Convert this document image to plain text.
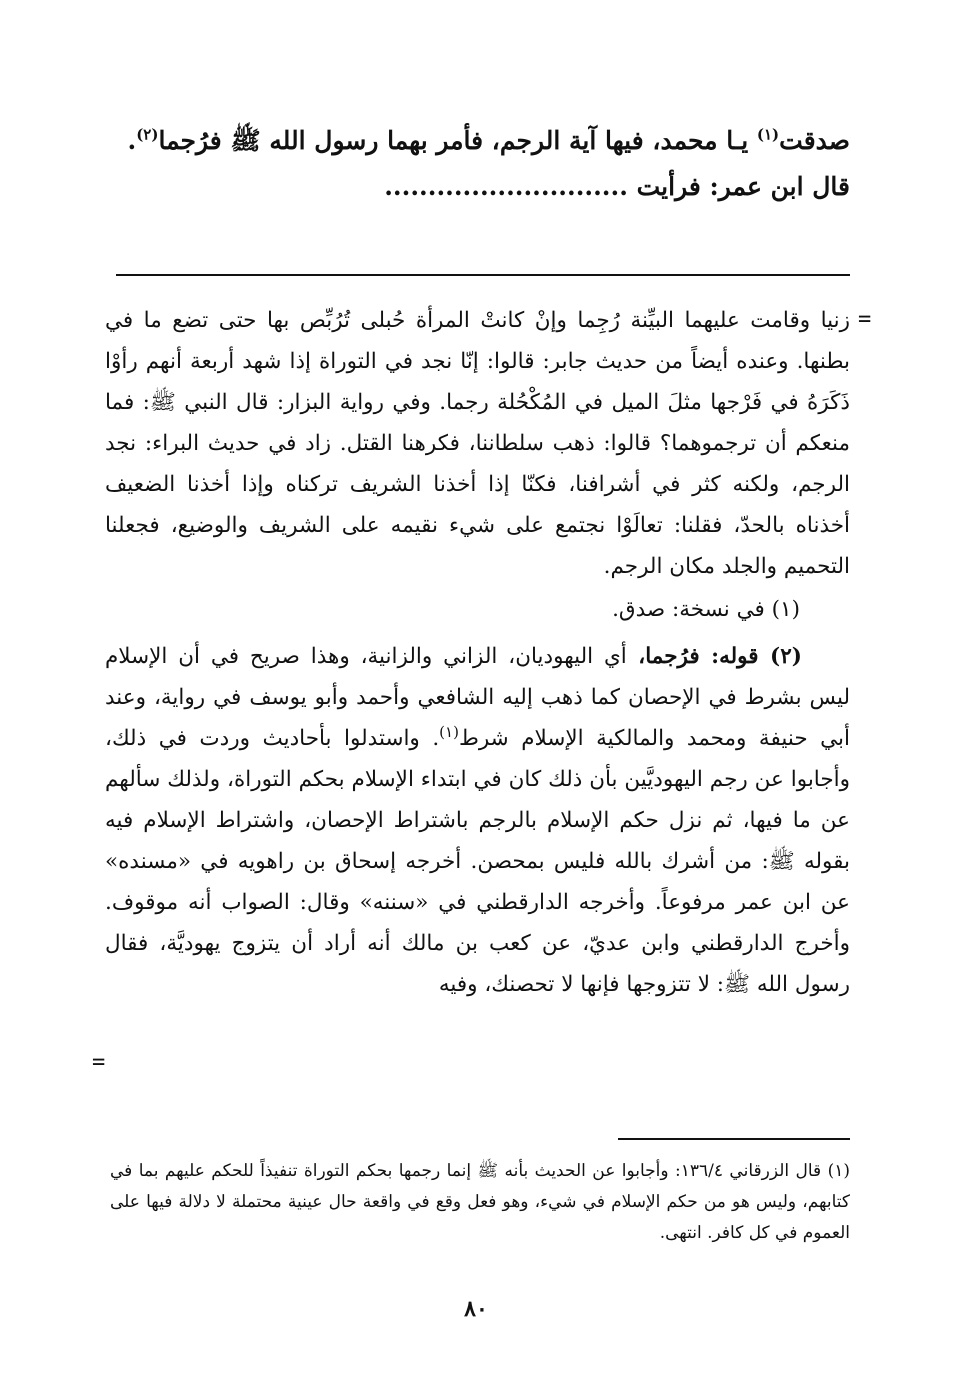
صدقت$^{(١)}$ يـا محمد، فيها آية الرجم، فأمر بهما رسول الله ﷺ فرُجما$^{(٢)}$.

قال ابن عمر: فرأيت ............................

=

زنيا وقامت عليهما البيِّنة رُجِما وإنْ كانتْ المرأة حُبلى تُرُبِّص بها حتى تضع ما في بطنها. وعنده أيضاً من حديث جابر: قالوا: إنّا نجد في التوراة إذا شهد أربعة أنهم رأوْا ذَكَرَهُ في فَرْجها مثلَ الميل في المُكْحُلة رجما. وفي رواية البزار: قال النبي ﷺ: فما منعكم أن ترجموهما؟ قالوا: ذهب سلطاننا، فكرهنا القتل. زاد في حديث البراء: نجد الرجم، ولكنه كثر في أشرافنا، فكنّا إذا أخذنا الشريف تركناه وإذا أخذنا الضعيف أخذناه بالحدّ، فقلنا: تعالَوْا نجتمع على شيء نقيمه على الشريف والوضيع، فجعلنا التحميم والجلد مكان الرجم.

(١) في نسخة: صدق.

(٢) قوله: فرُجما، أي اليهوديان، الزاني والزانية، وهذا صريح في أن الإسلام ليس بشرط في الإحصان كما ذهب إليه الشافعي وأحمد وأبو يوسف في رواية، وعند أبي حنيفة ومحمد والمالكية الإسلام شرط$^{(١)}$. واستدلوا بأحاديث وردت في ذلك، وأجابوا عن رجم اليهوديَّين بأن ذلك كان في ابتداء الإسلام بحكم التوراة، ولذلك سألهم عن ما فيها، ثم نزل حكم الإسلام بالرجم باشتراط الإحصان، واشتراط الإسلام فيه بقوله ﷺ: من أشرك بالله فليس بمحصن. أخرجه إسحاق بن راهويه في «مسنده» عن ابن عمر مرفوعاً. وأخرجه الدارقطني في «سننه» وقال: الصواب أنه موقوف. وأخرج الدارقطني وابن عديّ، عن كعب بن مالك أنه أراد أن يتزوج يهوديَّة، فقال رسول الله ﷺ: لا تتزوجها فإنها لا تحصنك، وفيه

=

(١) قال الزرقاني ١٣٦/٤: وأجابوا عن الحديث بأنه ﷺ إنما رجمها بحكم التوراة تنفيذاً للحكم عليهم بما في كتابهم، وليس هو من حكم الإسلام في شيء، وهو فعل وقع في واقعة حال عينية محتملة لا دلالة فيها على العموم في كل كافر. انتهى.

٨٠
